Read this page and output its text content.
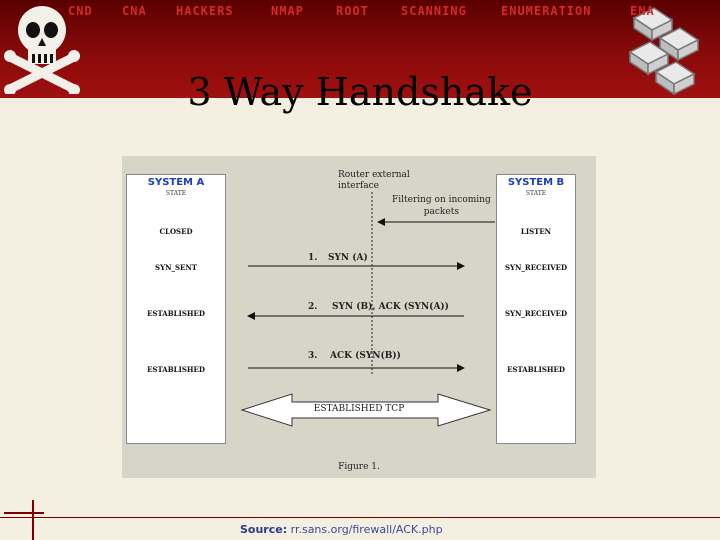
CND CNA HACKERS	NMAP	ROOT	SCANNING	ENUMERATION	ENA
3 Way Handshake
SYSTEM A
STATE
CLOSED
SYN_SENT
ESTABLISHED
ESTABLISHED
SYSTEM B
STATE
LISTEN
SYN_RECEIVED
SYN_RECEIVED
ESTABLISHED
Router external
interface
Filtering on incoming
packets
1. SYN (A)
2. SYN (B), ACK (SYN(A))
3. ACK (SYN(B))
ESTABLISHED TCP
Figure 1.
Source: rr.sans.org/firewall/ACK.php
